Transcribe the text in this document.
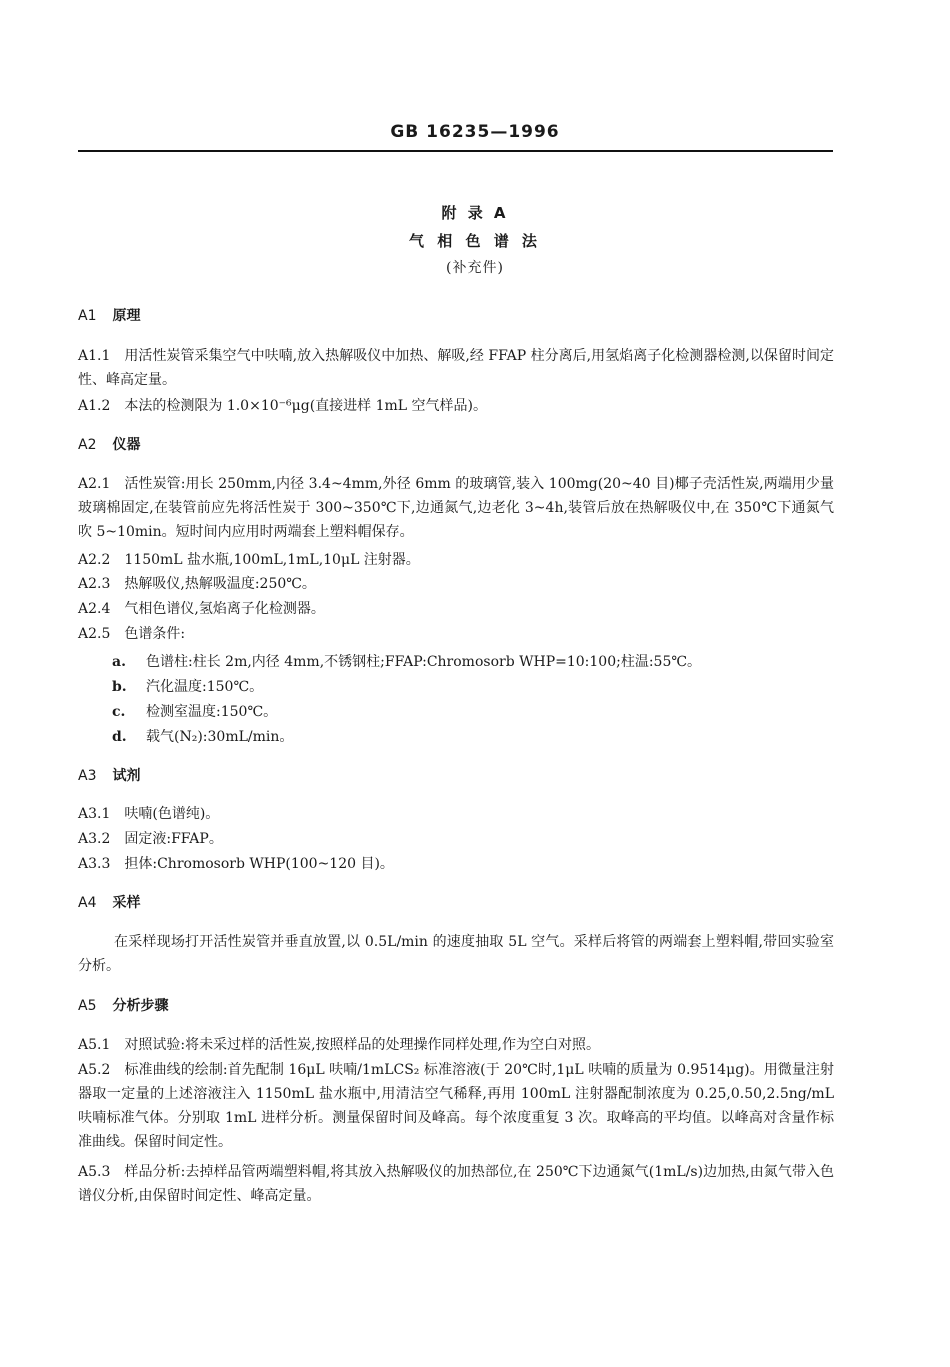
GB 16235—1996
附 录 A
气 相 色 谱 法
(补充件)
A1 原理
A1.1 用活性炭管采集空气中呋喃,放入热解吸仪中加热、解吸,经 FFAP 柱分离后,用氢焰离子化检测器检测,以保留时间定性、峰高定量。
A1.2 本法的检测限为 1.0×10⁻⁶μg(直接进样 1mL 空气样品)。
A2 仪器
A2.1 活性炭管:用长 250mm,内径 3.4~4mm,外径 6mm 的玻璃管,装入 100mg(20~40 目)椰子壳活性炭,两端用少量玻璃棉固定,在装管前应先将活性炭于 300~350℃下,边通氮气,边老化 3~4h,装管后放在热解吸仪中,在 350℃下通氮气吹 5~10min。短时间内应用时两端套上塑料帽保存。
A2.2 1150mL 盐水瓶,100mL,1mL,10μL 注射器。
A2.3 热解吸仪,热解吸温度:250℃。
A2.4 气相色谱仪,氢焰离子化检测器。
A2.5 色谱条件:
a. 色谱柱:柱长 2m,内径 4mm,不锈钢柱;FFAP:Chromosorb WHP=10:100;柱温:55℃。
b. 汽化温度:150℃。
c. 检测室温度:150℃。
d. 载气(N₂):30mL/min。
A3 试剂
A3.1 呋喃(色谱纯)。
A3.2 固定液:FFAP。
A3.3 担体:Chromosorb WHP(100~120 目)。
A4 采样
在采样现场打开活性炭管并垂直放置,以 0.5L/min 的速度抽取 5L 空气。采样后将管的两端套上塑料帽,带回实验室分析。
A5 分析步骤
A5.1 对照试验:将未采过样的活性炭,按照样品的处理操作同样处理,作为空白对照。
A5.2 标准曲线的绘制:首先配制 16μL 呋喃/1mLCS₂ 标准溶液(于 20℃时,1μL 呋喃的质量为 0.9514μg)。用微量注射器取一定量的上述溶液注入 1150mL 盐水瓶中,用清洁空气稀释,再用 100mL 注射器配制浓度为 0.25,0.50,2.5ng/mL 呋喃标准气体。分别取 1mL 进样分析。测量保留时间及峰高。每个浓度重复 3 次。取峰高的平均值。以峰高对含量作标准曲线。保留时间定性。
A5.3 样品分析:去掉样品管两端塑料帽,将其放入热解吸仪的加热部位,在 250℃下边通氮气(1mL/s)边加热,由氮气带入色谱仪分析,由保留时间定性、峰高定量。
